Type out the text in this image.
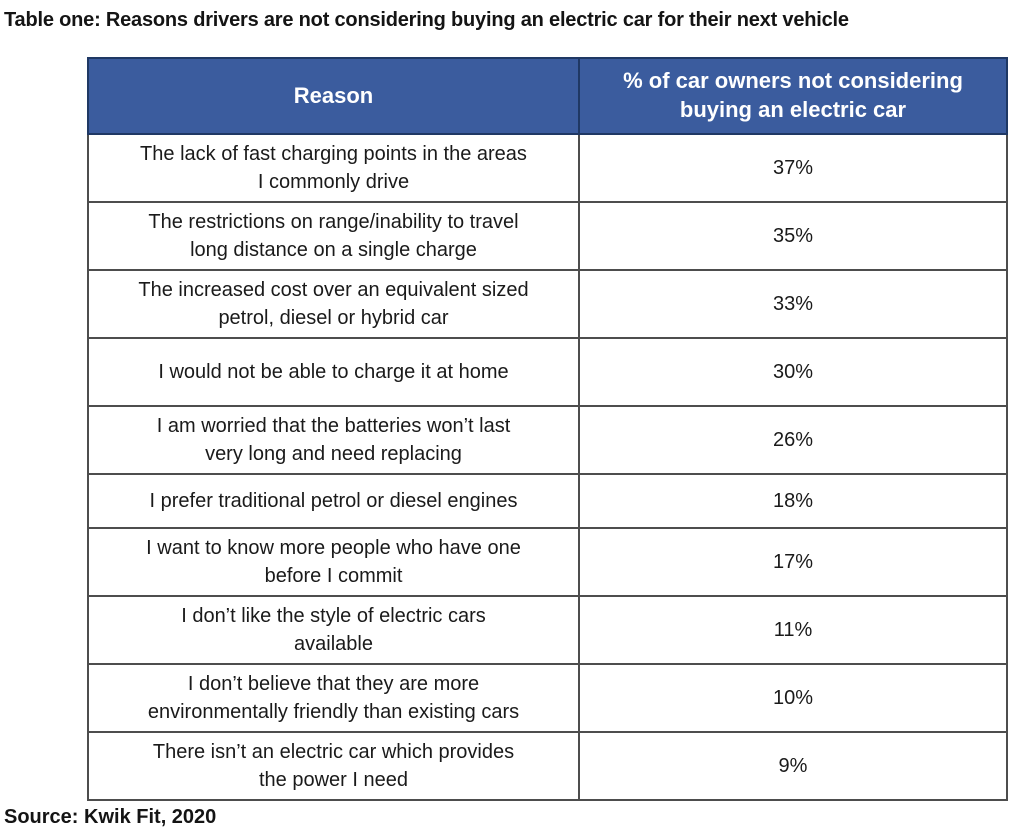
Table one: Reasons drivers are not considering buying an electric car for their next vehicle
Reason	% of car owners not considering buying an electric car
The lack of fast charging points in the areas
I commonly drive	37%
The restrictions on range/inability to travel
long distance on a single charge	35%
The increased cost over an equivalent sized
petrol, diesel or hybrid car	33%
I would not be able to charge it at home	30%
I am worried that the batteries won’t last
very long and need replacing	26%
I prefer traditional petrol or diesel engines	18%
I want to know more people who have one
before I commit	17%
I don’t like the style of electric cars
available	11%
I don’t believe that they are more
environmentally friendly than existing cars	10%
There isn’t an electric car which provides
the power I need	9%
Source: Kwik Fit, 2020
